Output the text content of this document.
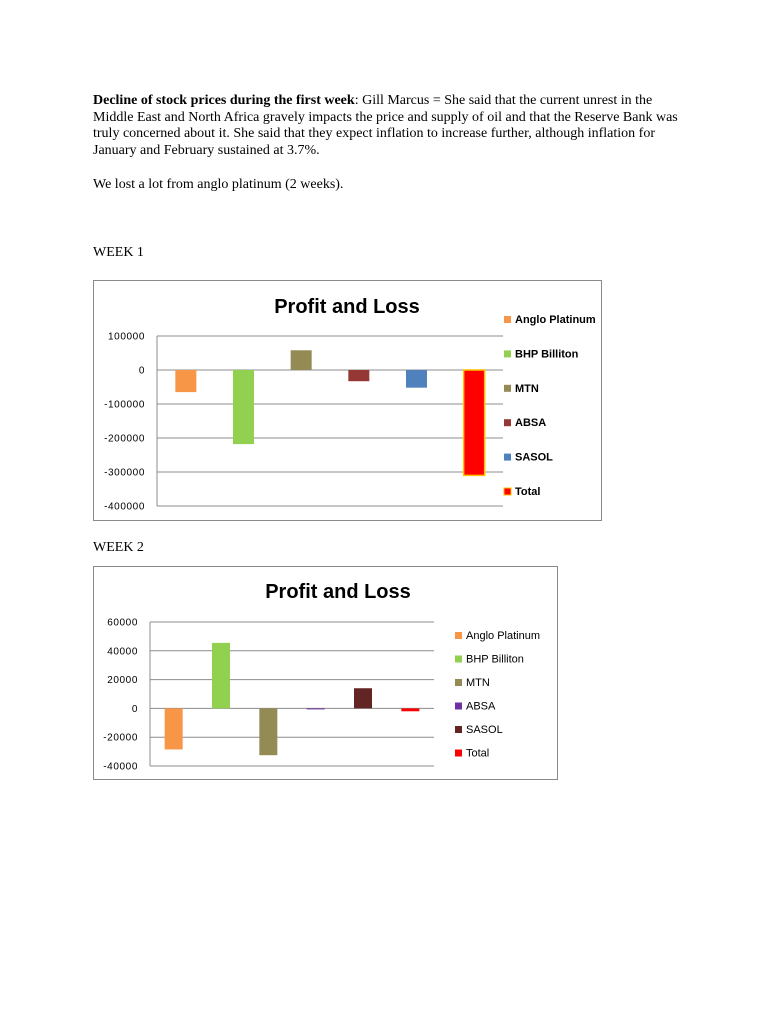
Decline of stock prices during the first week: Gill Marcus = She said that the current unrest in the Middle East and North Africa gravely impacts the price and supply of oil and that the Reserve Bank was truly concerned about it. She said that they expect inflation to increase further, although inflation for January and February sustained at 3.7%.

We lost a lot from anglo platinum (2 weeks).

WEEK 1

Profit and Loss
100000
0
-100000
-200000
-300000
-400000
Anglo Platinum
BHP Billiton
MTN
ABSA
SASOL
Total

WEEK 2

Profit and Loss
60000
40000
20000
0
-20000
-40000
Anglo Platinum
BHP Billiton
MTN
ABSA
SASOL
Total
